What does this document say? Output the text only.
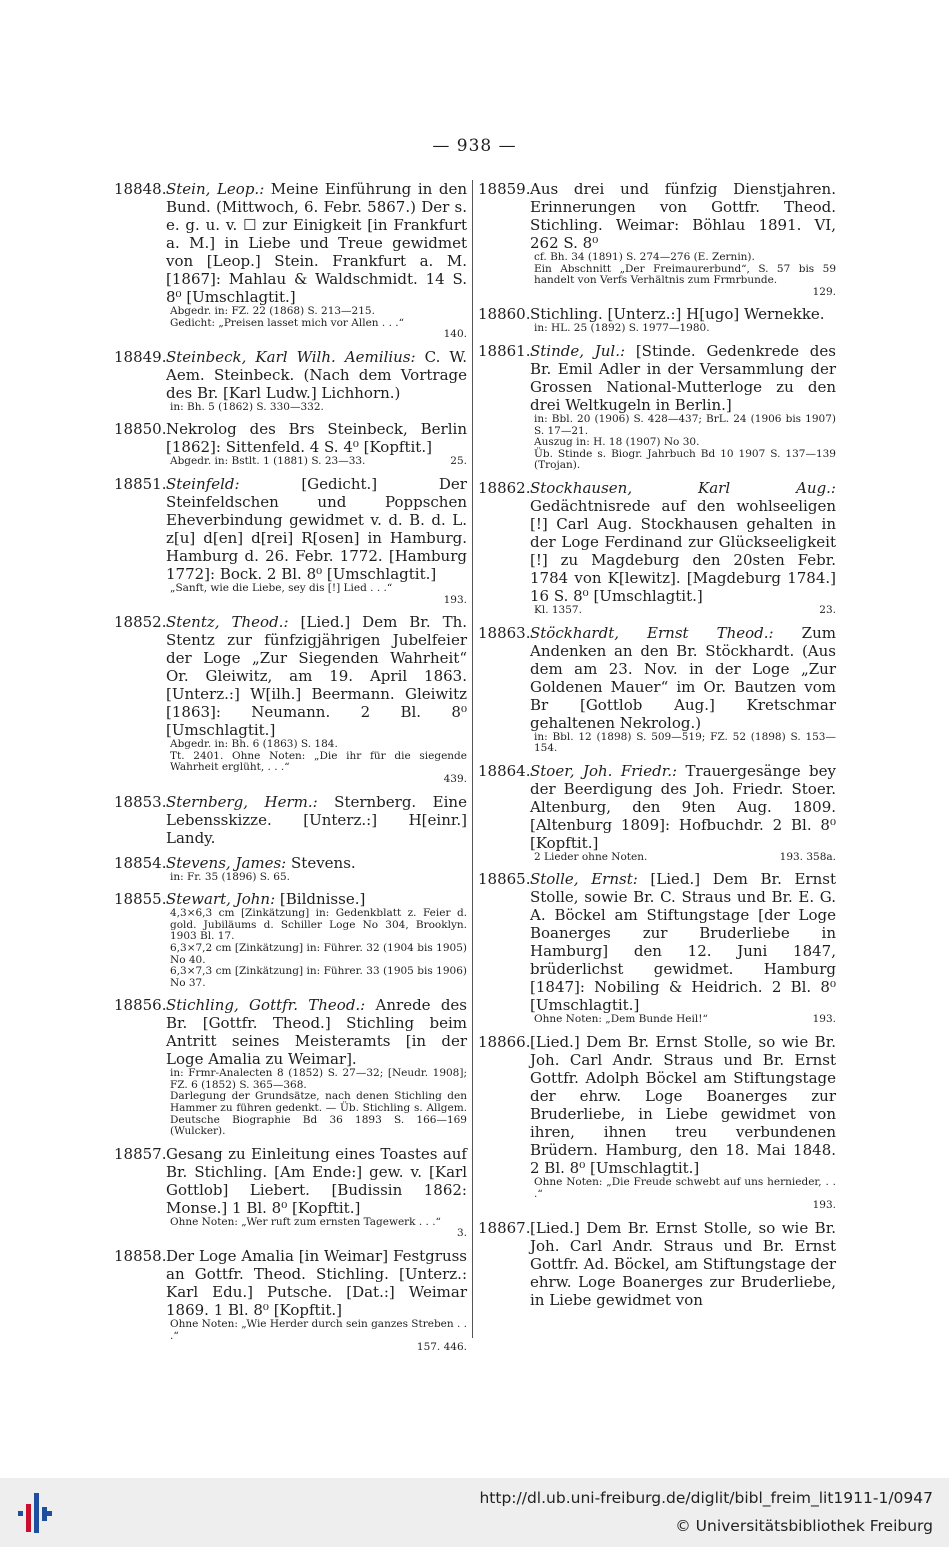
— 938 —
18848. Stein, Leop.: Meine Einführung in den Bund. (Mittwoch, 6. Febr. 5867.) Der s. e. g. u. v. ☐ zur Einigkeit [in Frankfurt a. M.] in Liebe und Treue gewidmet von [Leop.] Stein. Frankfurt a. M. [1867]: Mahlau & Waldschmidt. 14 S. 8⁰ [Umschlagtit.]
Abgedr. in: FZ. 22 (1868) S. 213—215.
Gedicht: „Preisen lasset mich vor Allen . . .“
140.
18849. Steinbeck, Karl Wilh. Aemilius: C. W. Aem. Steinbeck. (Nach dem Vortrage des Br. [Karl Ludw.] Lichhorn.)
in: Bh. 5 (1862) S. 330—332.
18850. Nekrolog des Brs Steinbeck, Berlin [1862]: Sittenfeld. 4 S. 4⁰ [Kopftit.]
Abgedr. in: Bstlt. 1 (1881) S. 23—33.	25.
18851. Steinfeld:	[Gedicht.] Der Steinfeldschen und Poppschen Eheverbindung gewidmet v. d. B. d. L. z[u] d[en] d[rei] R[osen] in Hamburg. Hamburg d. 26. Febr. 1772. [Hamburg 1772]: Bock. 2 Bl. 8⁰ [Umschlagtit.]
„Sanft, wie die Liebe, sey dis [!] Lied . . .“
193.
18852. Stentz, Theod.: [Lied.] Dem Br. Th. Stentz zur fünfzigjährigen Jubelfeier der Loge „Zur Siegenden Wahrheit“ Or. Gleiwitz, am 19. April 1863. [Unterz.:] W[ilh.] Beermann. Gleiwitz [1863]: Neumann. 2 Bl. 8⁰ [Umschlagtit.]
Abgedr. in: Bh. 6 (1863) S. 184.
Tt. 2401. Ohne Noten: „Die ihr für die siegende Wahrheit erglüht, . . .“
439.
18853. Sternberg, Herm.: Sternberg. Eine Lebensskizze. [Unterz.:] H[einr.] Landy.
18854. Stevens, James: Stevens.
in: Fr. 35 (1896) S. 65.
18855. Stewart, John: [Bildnisse.]
4,3×6,3 cm [Zinkätzung] in: Gedenkblatt z. Feier d. gold. Jubiläums d. Schiller Loge No 304, Brooklyn. 1903 Bl. 17.
6,3×7,2 cm [Zinkätzung] in: Führer. 32 (1904 bis 1905) No 40.
6,3×7,3 cm [Zinkätzung] in: Führer. 33 (1905 bis 1906) No 37.
18856. Stichling, Gottfr. Theod.: Anrede des Br. [Gottfr. Theod.] Stichling beim Antritt seines Meisteramts [in der Loge Amalia zu Weimar].
in: Frmr-Analecten 8 (1852) S. 27—32; [Neudr. 1908]; FZ. 6 (1852) S. 365—368.
Darlegung der Grundsätze, nach denen Stichling den Hammer zu führen gedenkt. — Üb. Stichling s. Allgem. Deutsche Biographie Bd 36 1893 S. 166—169 (Wulcker).
18857. Gesang zu Einleitung eines Toastes auf Br. Stichling. [Am Ende:] gew. v. [Karl Gottlob] Liebert. [Budissin 1862: Monse.] 1 Bl. 8⁰ [Kopftit.]
Ohne Noten: „Wer ruft zum ernsten Tagewerk . . .“
3.
18858. Der Loge Amalia [in Weimar] Festgruss an Gottfr. Theod. Stichling. [Unterz.: Karl Edu.] Putsche. [Dat.:] Weimar 1869. 1 Bl. 8⁰ [Kopftit.]
Ohne Noten: „Wie Herder durch sein ganzes Streben . . .“
157. 446.
18859. Aus drei und fünfzig Dienstjahren. Erinnerungen von Gottfr. Theod. Stichling. Weimar: Böhlau 1891. VI, 262 S. 8⁰
cf. Bh. 34 (1891) S. 274—276 (E. Zernin).
Ein Abschnitt „Der Freimaurerbund“, S. 57 bis 59 handelt von Verfs Verhältnis zum Frmrbunde.
129.
18860. Stichling. [Unterz.:] H[ugo] Wernekke.
in: HL. 25 (1892) S. 1977—1980.
18861. Stinde, Jul.: [Stinde. Gedenkrede des Br. Emil Adler in der Versammlung der Grossen National-Mutterloge zu den drei Weltkugeln in Berlin.]
in: Bbl. 20 (1906) S. 428—437; BrL. 24 (1906 bis 1907) S. 17—21.
Auszug in: H. 18 (1907) No 30.
Üb. Stinde s. Biogr. Jahrbuch Bd 10 1907 S. 137—139 (Trojan).
18862. Stockhausen, Karl Aug.: Gedächtnisrede auf den wohlseeligen [!] Carl Aug. Stockhausen gehalten in der Loge Ferdinand zur Glückseeligkeit [!] zu Magdeburg den 20sten Febr. 1784 von K[lewitz]. [Magdeburg 1784.] 16 S. 8⁰ [Umschlagtit.]
Kl. 1357.	23.
18863. Stöckhardt, Ernst Theod.: Zum Andenken an den Br. Stöckhardt. (Aus dem am 23. Nov. in der Loge „Zur Goldenen Mauer“ im Or. Bautzen vom Br [Gottlob Aug.] Kretschmar gehaltenen Nekrolog.)
in: Bbl. 12 (1898) S. 509—519; FZ. 52 (1898) S. 153—154.
18864. Stoer, Joh. Friedr.: Trauergesänge bey der Beerdigung des Joh. Friedr. Stoer. Altenburg, den 9ten Aug. 1809. [Altenburg 1809]: Hofbuchdr. 2 Bl. 8⁰ [Kopftit.]
2 Lieder ohne Noten.	193. 358a.
18865. Stolle, Ernst: [Lied.] Dem Br. Ernst Stolle, sowie Br. C. Straus und Br. E. G. A. Böckel am Stiftungstage [der Loge Boanerges zur Bruderliebe in Hamburg] den 12. Juni 1847, brüderlichst gewidmet. Hamburg [1847]: Nobiling & Heidrich. 2 Bl. 8⁰ [Umschlagtit.]
Ohne Noten: „Dem Bunde Heil!“	193.
18866. [Lied.] Dem Br. Ernst Stolle, so wie Br. Joh. Carl Andr. Straus und Br. Ernst Gottfr. Adolph Böckel am Stiftungstage der ehrw. Loge Boanerges zur Bruderliebe, in Liebe gewidmet von ihren, ihnen treu verbundenen Brüdern. Hamburg, den 18. Mai 1848. 2 Bl. 8⁰ [Umschlagtit.]
Ohne Noten: „Die Freude schwebt auf uns hernieder, . . .“
193.
18867. [Lied.] Dem Br. Ernst Stolle, so wie Br. Joh. Carl Andr. Straus und Br. Ernst Gottfr. Ad. Böckel, am Stiftungstage der ehrw. Loge Boanerges zur Bruderliebe, in Liebe gewidmet von
http://dl.ub.uni-freiburg.de/diglit/bibl_freim_lit1911-1/0947
© Universitätsbibliothek Freiburg
